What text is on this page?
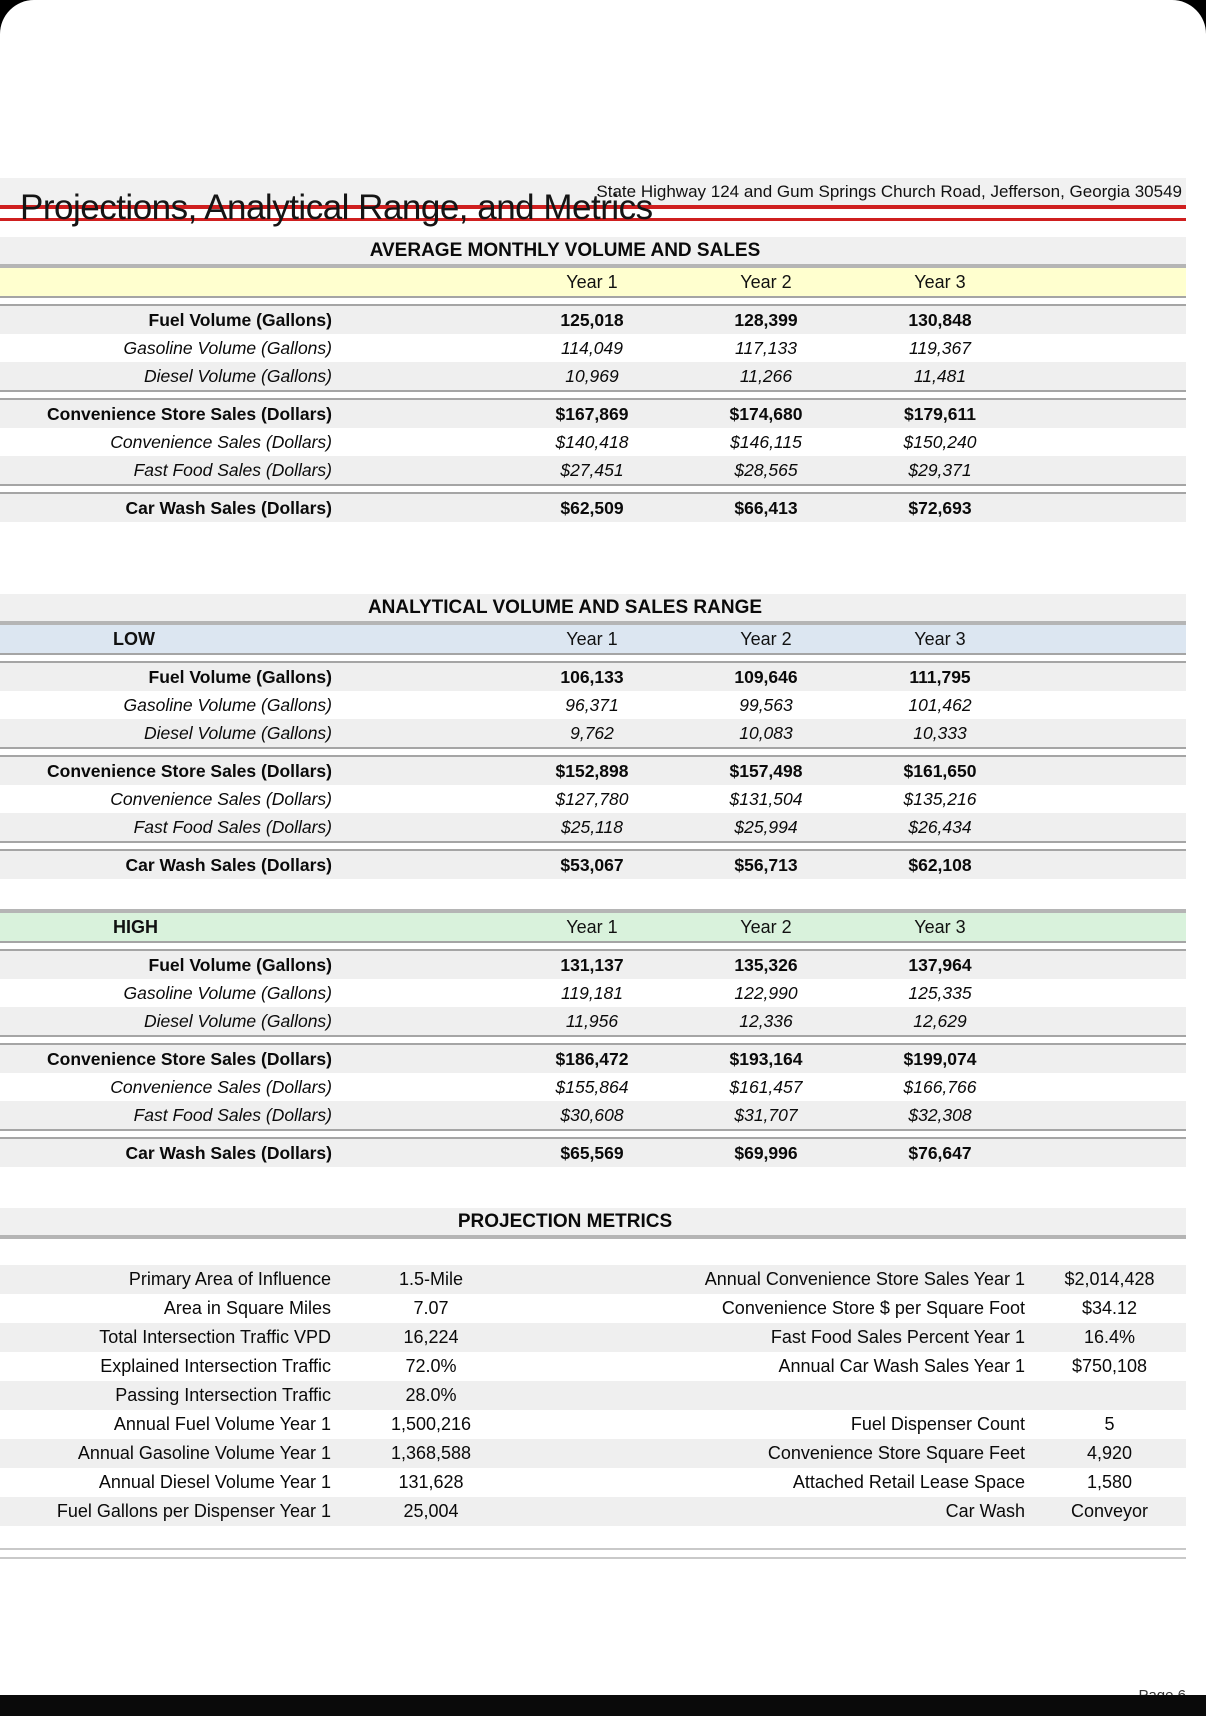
Projections, Analytical Range, and Metrics
State Highway 124 and Gum Springs Church Road, Jefferson, Georgia 30549
AVERAGE MONTHLY VOLUME AND SALES
Year 1	Year 2	Year 3
Fuel Volume (Gallons)	125,018	128,399	130,848
Gasoline Volume (Gallons)	114,049	117,133	119,367
Diesel Volume (Gallons)	10,969	11,266	11,481
Convenience Store Sales (Dollars)	$167,869	$174,680	$179,611
Convenience Sales (Dollars)	$140,418	$146,115	$150,240
Fast Food Sales (Dollars)	$27,451	$28,565	$29,371
Car Wash Sales (Dollars)	$62,509	$66,413	$72,693
ANALYTICAL VOLUME AND SALES RANGE
LOW	Year 1	Year 2	Year 3
Fuel Volume (Gallons)	106,133	109,646	111,795
Gasoline Volume (Gallons)	96,371	99,563	101,462
Diesel Volume (Gallons)	9,762	10,083	10,333
Convenience Store Sales (Dollars)	$152,898	$157,498	$161,650
Convenience Sales (Dollars)	$127,780	$131,504	$135,216
Fast Food Sales (Dollars)	$25,118	$25,994	$26,434
Car Wash Sales (Dollars)	$53,067	$56,713	$62,108
HIGH	Year 1	Year 2	Year 3
Fuel Volume (Gallons)	131,137	135,326	137,964
Gasoline Volume (Gallons)	119,181	122,990	125,335
Diesel Volume (Gallons)	11,956	12,336	12,629
Convenience Store Sales (Dollars)	$186,472	$193,164	$199,074
Convenience Sales (Dollars)	$155,864	$161,457	$166,766
Fast Food Sales (Dollars)	$30,608	$31,707	$32,308
Car Wash Sales (Dollars)	$65,569	$69,996	$76,647
PROJECTION METRICS
Primary Area of Influence	1.5-Mile	Annual Convenience Store Sales Year 1	$2,014,428
Area in Square Miles	7.07	Convenience Store $ per Square Foot	$34.12
Total Intersection Traffic VPD	16,224	Fast Food Sales Percent Year 1	16.4%
Explained Intersection Traffic	72.0%	Annual Car Wash Sales Year 1	$750,108
Passing Intersection Traffic	28.0%
Annual Fuel Volume Year 1	1,500,216	Fuel Dispenser Count	5
Annual Gasoline Volume Year 1	1,368,588	Convenience Store Square Feet	4,920
Annual Diesel Volume Year 1	131,628	Attached Retail Lease Space	1,580
Fuel Gallons per Dispenser Year 1	25,004	Car Wash	Conveyor
